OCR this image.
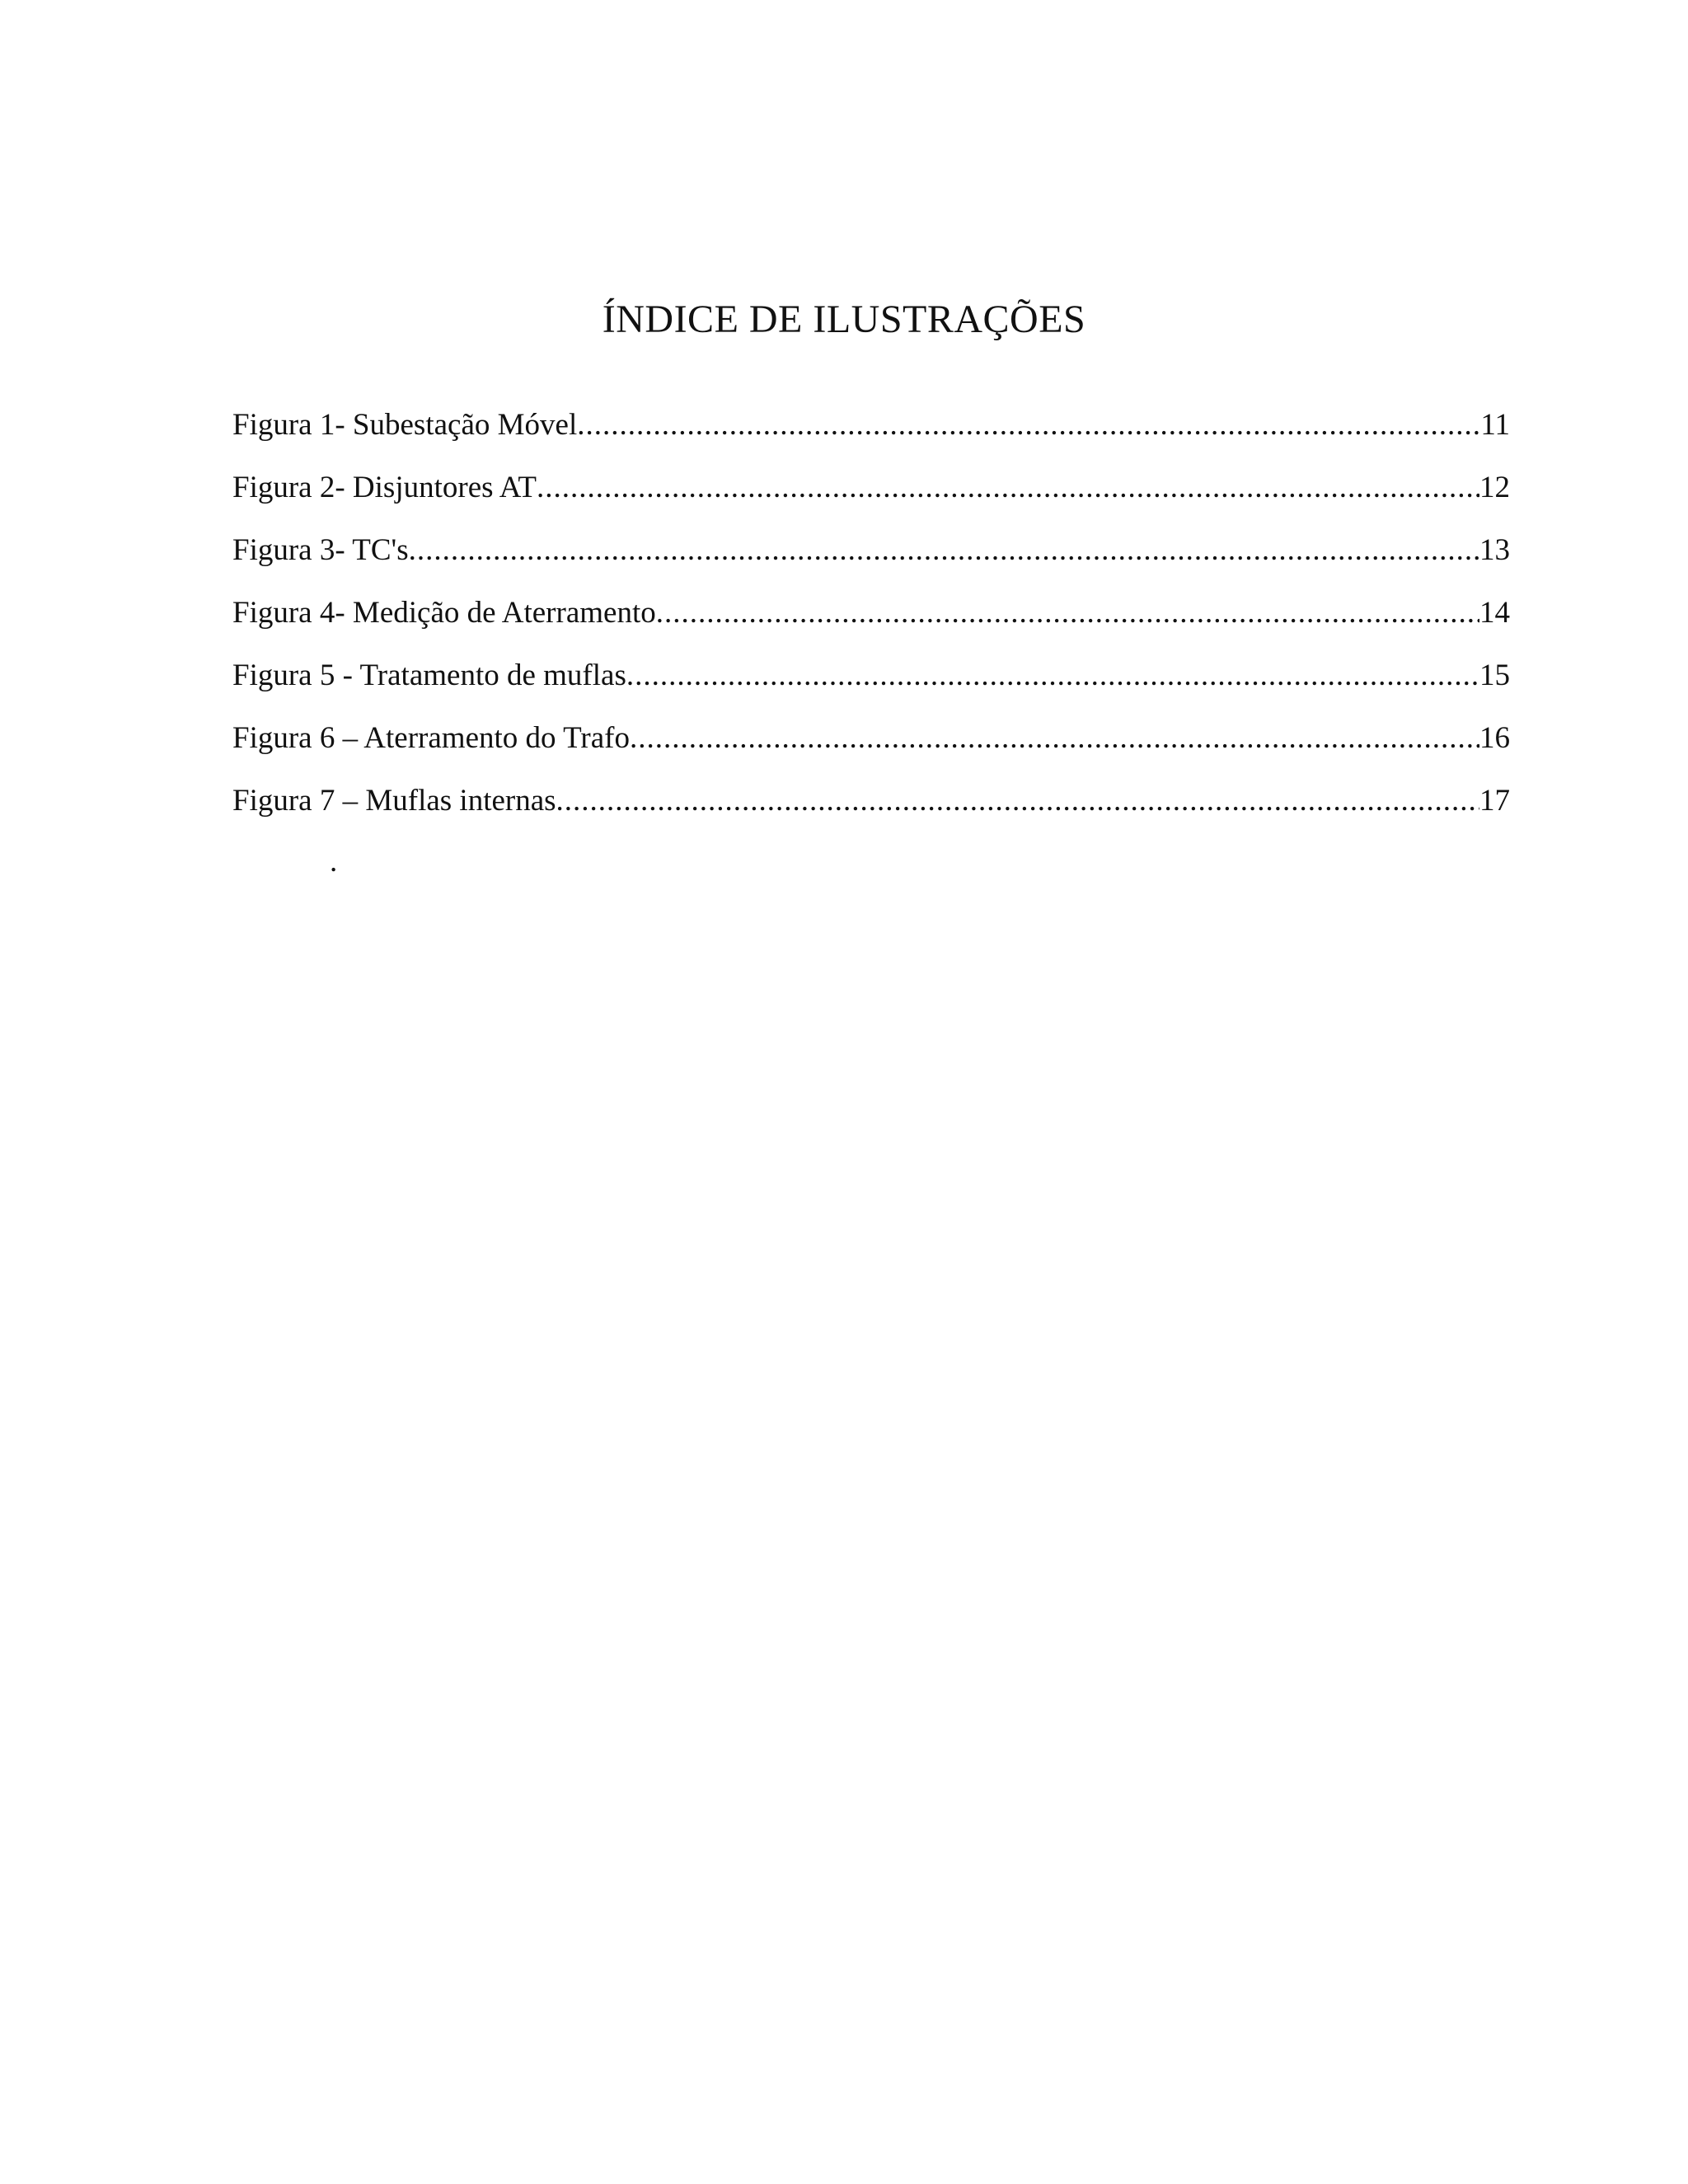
ÍNDICE DE ILUSTRAÇÕES
Figura 1- Subestação Móvel .....	11
Figura 2- Disjuntores AT .....	12
Figura 3- TC's .....	13
Figura 4- Medição de Aterramento .....	14
Figura 5 - Tratamento de muflas .....	15
Figura 6 – Aterramento do Trafo .....	16
Figura 7 – Muflas internas .....	17
.
